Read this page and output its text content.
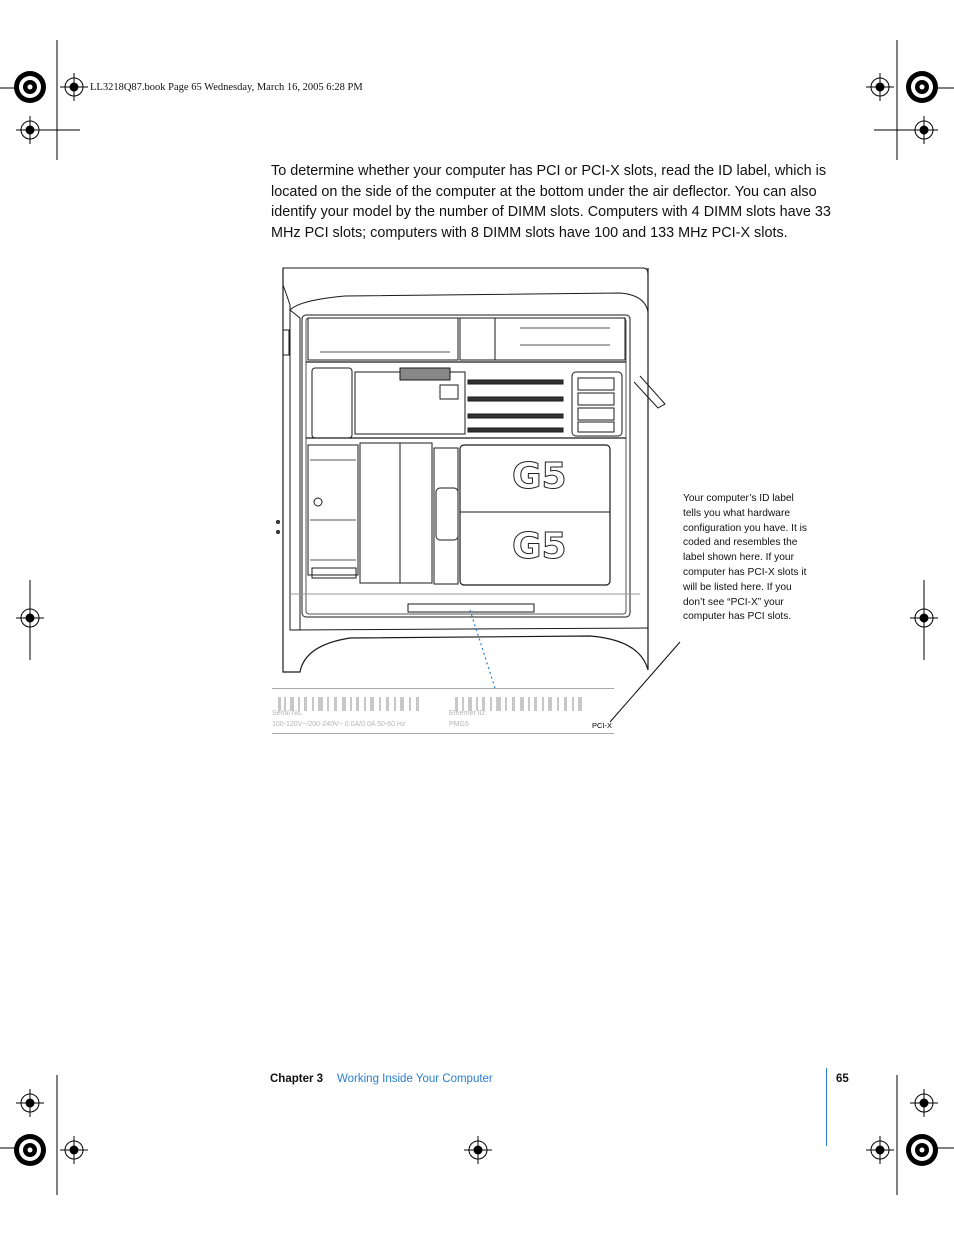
LL3218Q87.book Page 65 Wednesday, March 16, 2005 6:28 PM
To determine whether your computer has PCI or PCI-X slots, read the ID label, which is located on the side of the computer at the bottom under the air deflector. You can also identify your model by the number of DIMM slots. Computers with 4 DIMM slots have 33 MHz PCI slots; computers with 8 DIMM slots have 100 and 133 MHz PCI-X slots.
G5
G5
Serial No.	Ethernet ID:
100-120V~/200-240V~ 0.0A/0.0A 50-60 Hz	PMG5	PCI-X
Your computer’s ID label tells you what hardware configuration you have. It is coded and resembles the label shown here. If your computer has PCI-X slots it will be listed here. If you don’t see “PCI-X” your computer has PCI slots.
Chapter 3 Working Inside Your Computer	65
